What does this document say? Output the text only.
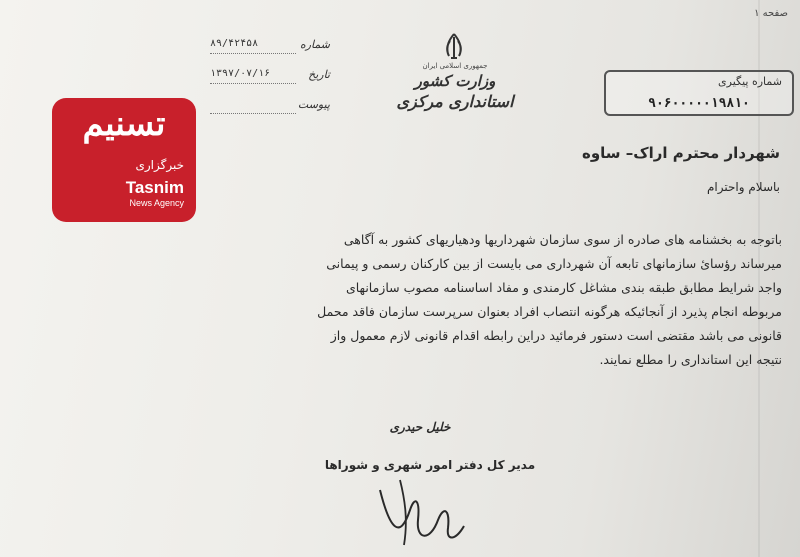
صفحه ۱
جمهوری اسلامی ایران
وزارت کشور
استانداری مرکزی
شماره
۸۹/۴۲۴۵۸
تاریخ
۱۳۹۷/۰۷/۱۶
پیوست
شماره پیگیری
۹۰۶۰۰۰۰۰۱۹۸۱۰
تسنیم
خبرگزاری
Tasnim
News Agency
شهردار محترم اراک– ساوه
باسلام واحترام
باتوجه به بخشنامه های صادره از سوی سازمان شهرداریها ودهیاریهای کشور به آگاهی
میرساند رؤسایٔ سازمانهای تابعه آن شهرداری می بایست از بین کارکنان رسمی و پیمانی
واجد شرایط مطابق طبقه بندی مشاغل کارمندی و مفاد اساسنامه مصوب سازمانهای
مربوطه انجام پذیرد از آنجائیکه هرگونه انتصاب افراد بعنوان سرپرست سازمان فاقد محمل
قانونی می باشد مقتضی است دستور فرمائید دراین رابطه اقدام قانونی لازم معمول واز
نتیجه این استانداری را مطلع نمایند.
خلیل حیدری
مدیر کل دفتر امور شهری و شوراها
